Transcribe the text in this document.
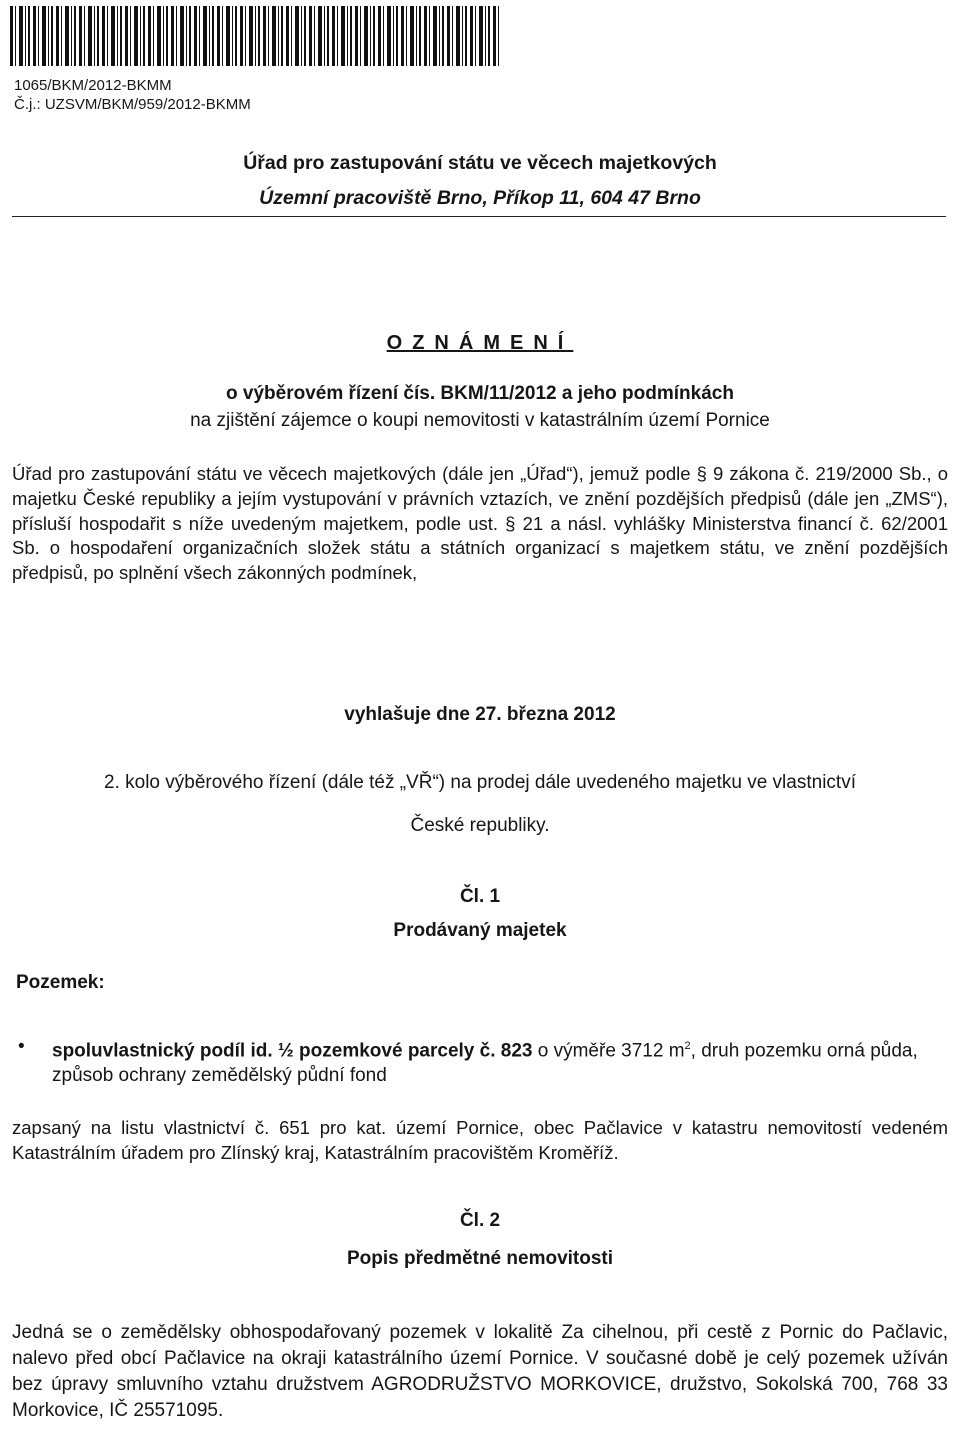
1065/BKM/2012-BKMM
Č.j.: UZSVM/BKM/959/2012-BKMM
Úřad pro zastupování státu ve věcech majetkových
Územní pracoviště Brno, Příkop 11, 604 47 Brno
OZNÁMENÍ
o výběrovém řízení čís. BKM/11/2012 a jeho podmínkách
na zjištění zájemce o koupi nemovitosti v katastrálním území Pornice
Úřad pro zastupování státu ve věcech majetkových (dále jen „Úřad“), jemuž podle § 9 zákona č. 219/2000 Sb., o majetku České republiky a jejím vystupování v právních vztazích, ve znění pozdějších předpisů (dále jen „ZMS“), přísluší hospodařit s níže uvedeným majetkem, podle ust. § 21 a násl. vyhlášky Ministerstva financí č. 62/2001 Sb. o hospodaření organizačních složek státu a státních organizací s majetkem státu, ve znění pozdějších předpisů, po splnění všech zákonných podmínek,
vyhlašuje dne 27. března 2012
2. kolo výběrového řízení (dále též „VŘ“) na prodej dále uvedeného majetku ve vlastnictví
České republiky.
Čl. 1
Prodávaný majetek
Pozemek:
• spoluvlastnický podíl id. ½ pozemkové parcely č. 823 o výměře 3712 $m^2$, druh pozemku orná půda, způsob ochrany zemědělský půdní fond
zapsaný na listu vlastnictví č. 651 pro kat. území Pornice, obec Pačlavice v katastru nemovitostí vedeném Katastrálním úřadem pro Zlínský kraj, Katastrálním pracovištěm Kroměříž.
Čl. 2
Popis předmětné nemovitosti
Jedná se o zemědělsky obhospodařovaný pozemek v lokalitě Za cihelnou, při cestě z Pornic do Pačlavic, nalevo před obcí Pačlavice na okraji katastrálního území Pornice. V současné době je celý pozemek užíván bez úpravy smluvního vztahu družstvem AGRODRUŽSTVO MORKOVICE, družstvo, Sokolská 700, 768 33 Morkovice, IČ 25571095.
